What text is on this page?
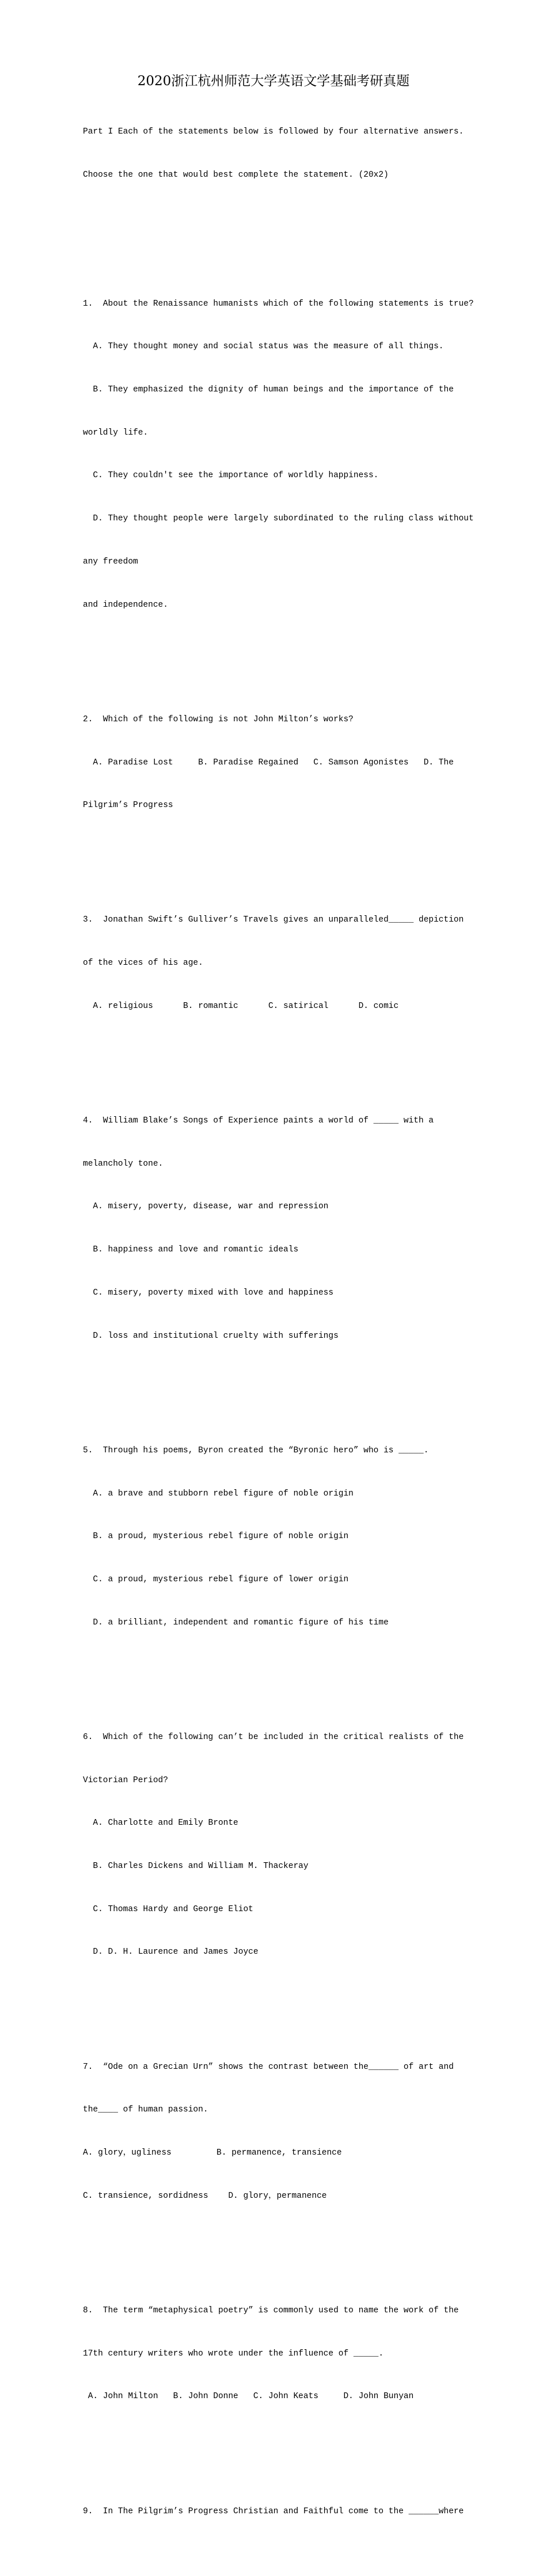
2020浙江杭州师范大学英语文学基础考研真题

Part I Each of the statements below is followed by four alternative answers.

Choose the one that would best complete the statement. (20x2)

1.  About the Renaissance humanists which of the following statements is true?

A. They thought money and social status was the measure of all things.

B. They emphasized the dignity of human beings and the importance of the

worldly life.

C. They couldn't see the importance of worldly happiness.

D. They thought people were largely subordinated to the ruling class without

any freedom

and independence.

2.  Which of the following is not John Milton’s works?

A. Paradise Lost     B. Paradise Regained   C. Samson Agonistes   D. The

Pilgrim’s Progress

3.  Jonathan Swift’s Gulliver’s Travels gives an unparalleled_____ depiction

of the vices of his age.

A. religious      B. romantic      C. satirical      D. comic

4.  William Blake’s Songs of Experience paints a world of _____ with a

melancholy tone.

A. misery, poverty, disease, war and repression

B. happiness and love and romantic ideals

C. misery, poverty mixed with love and happiness

D. loss and institutional cruelty with sufferings

5.  Through his poems, Byron created the “Byronic hero” who is _____.

A. a brave and stubborn rebel figure of noble origin

B. a proud, mysterious rebel figure of noble origin

C. a proud, mysterious rebel figure of lower origin

D. a brilliant, independent and romantic figure of his time

6.  Which of the following can’t be included in the critical realists of the

Victorian Period?

A. Charlotte and Emily Bronte

B. Charles Dickens and William M. Thackeray

C. Thomas Hardy and George Eliot

D. D. H. Laurence and James Joyce

7.  “Ode on a Grecian Urn” shows the contrast between the______ of art and

the____ of human passion.

A. glory，ugliness         B. permanence, transience

C. transience, sordidness    D. glory，permanence

8.  The term “metaphysical poetry” is commonly used to name the work of the

17th century writers who wrote under the influence of _____.

A. John Milton   B. John Donne   C. John Keats     D. John Bunyan

9.  In The Pilgrim’s Progress Christian and Faithful come to the ______where
